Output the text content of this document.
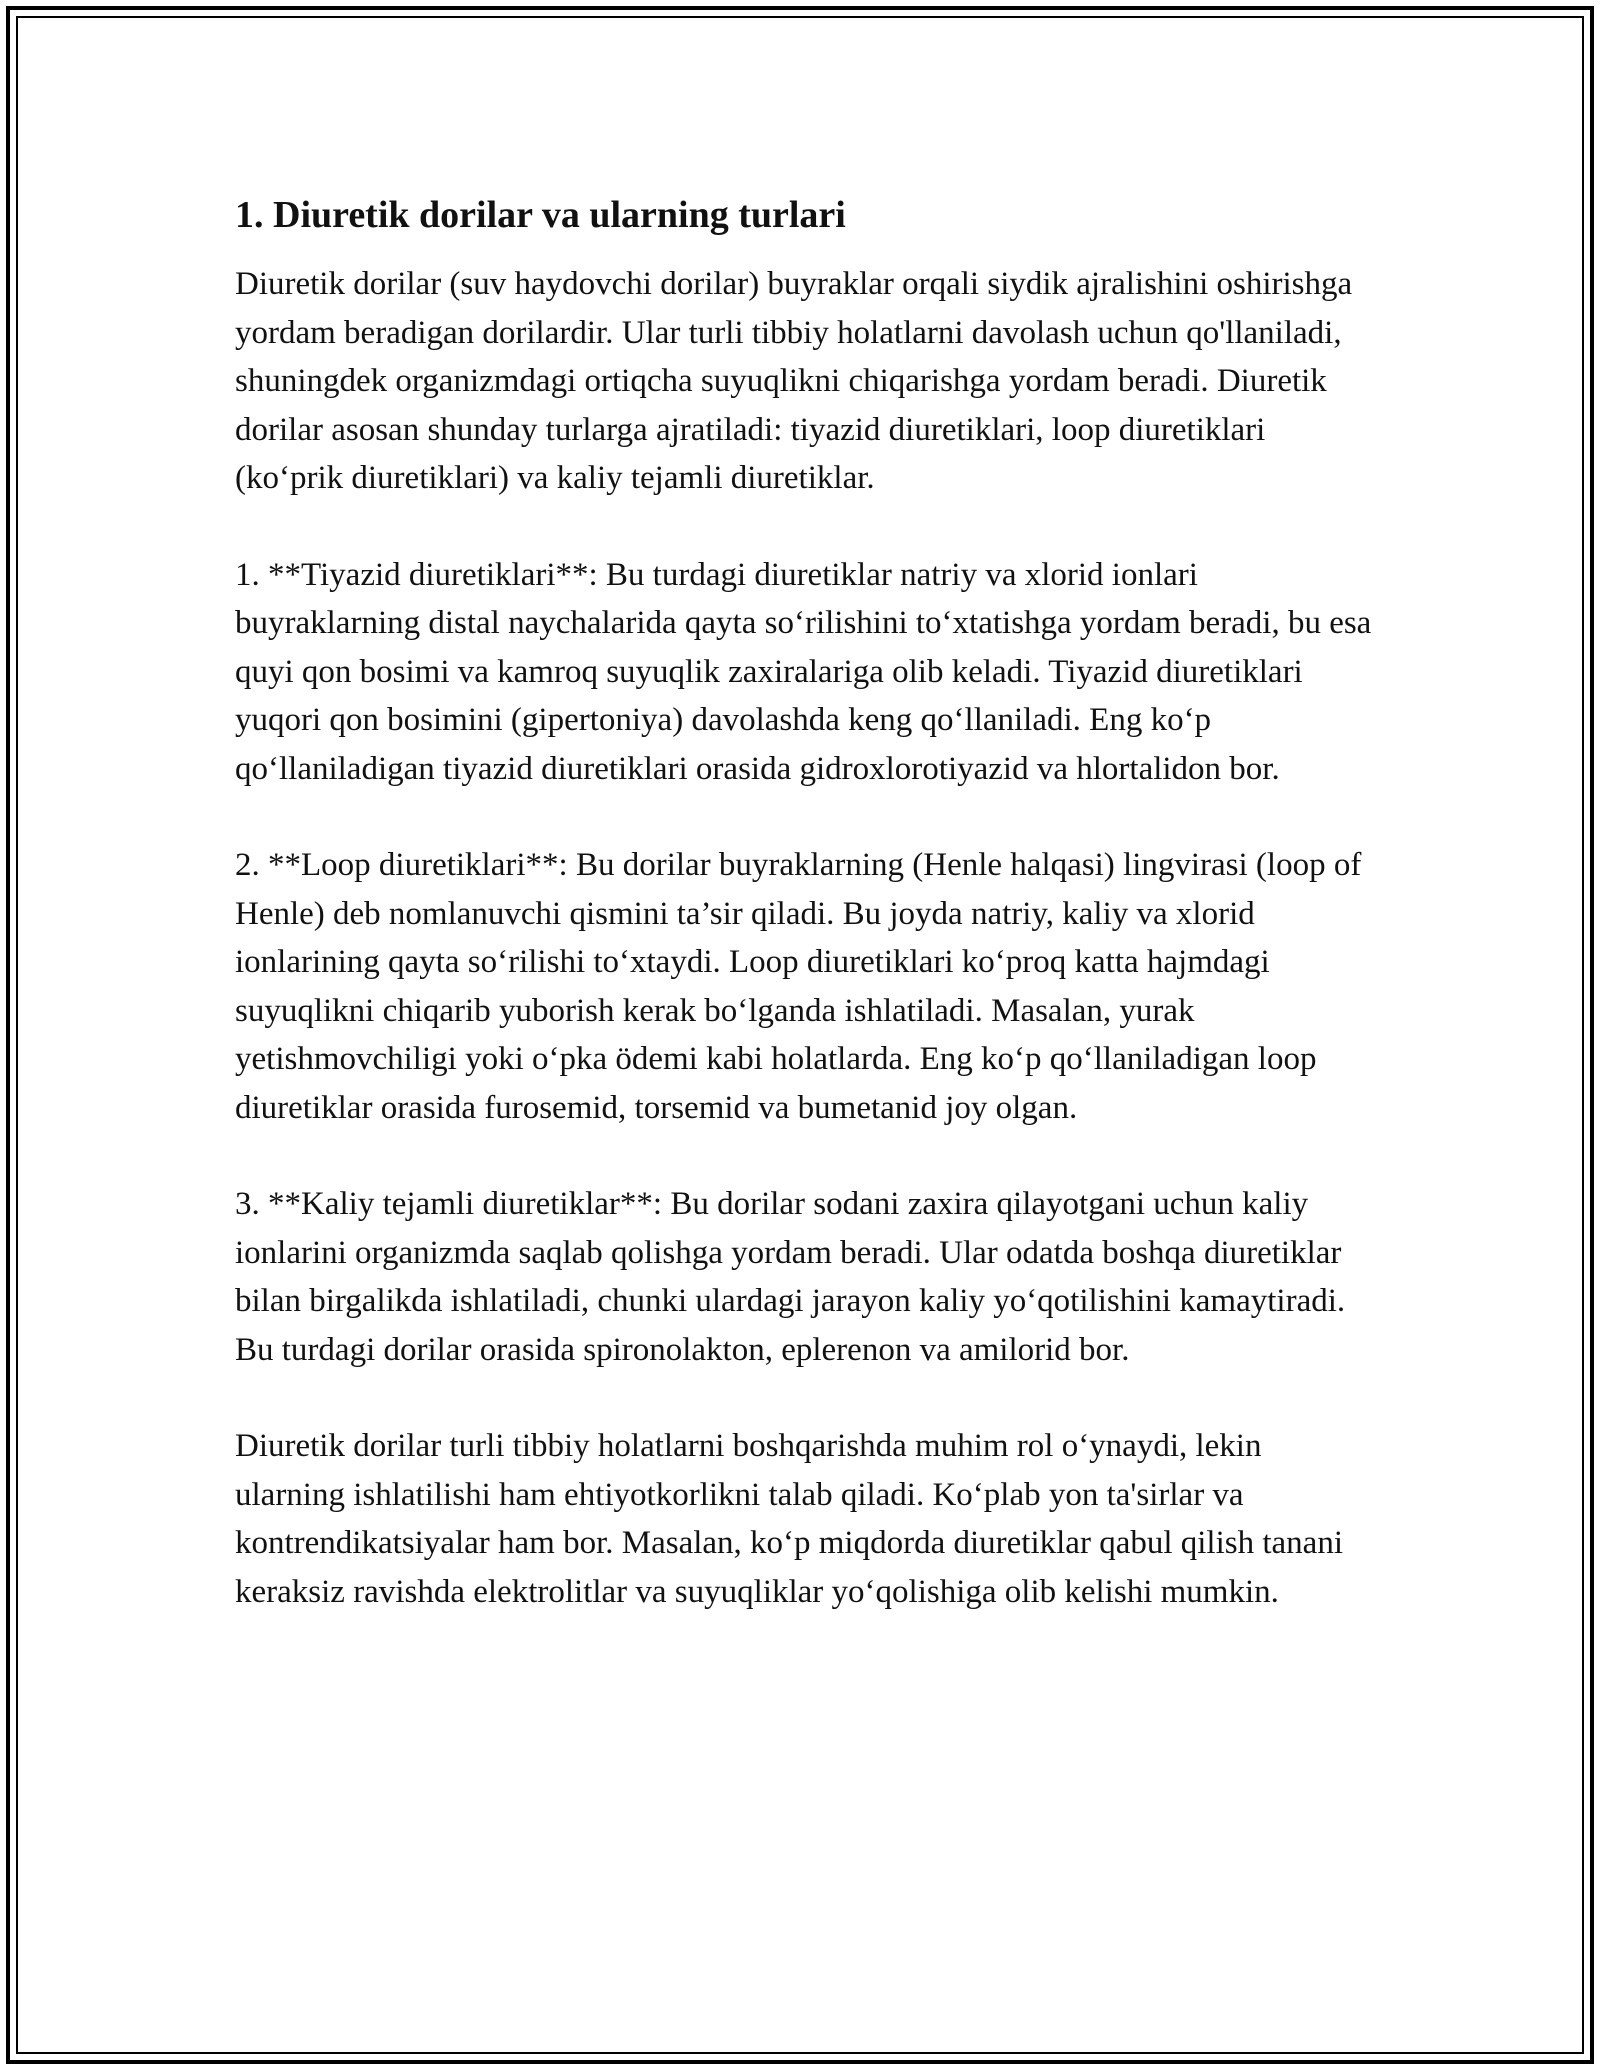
1. Diuretik dorilar va ularning turlari

Diuretik dorilar (suv haydovchi dorilar) buyraklar orqali siydik ajralishini oshirishga yordam beradigan dorilardir. Ular turli tibbiy holatlarni davolash uchun qo'llaniladi, shuningdek organizmdagi ortiqcha suyuqlikni chiqarishga yordam beradi. Diuretik dorilar asosan shunday turlarga ajratiladi: tiyazid diuretiklari, loop diuretiklari (ko‘prik diuretiklari) va kaliy tejamli diuretiklar.

1. **Tiyazid diuretiklari**: Bu turdagi diuretiklar natriy va xlorid ionlari buyraklarning distal naychalarida qayta so‘rilishini to‘xtatishga yordam beradi, bu esa quyi qon bosimi va kamroq suyuqlik zaxiralariga olib keladi. Tiyazid diuretiklari yuqori qon bosimini (gipertoniya) davolashda keng qo‘llaniladi. Eng ko‘p qo‘llaniladigan tiyazid diuretiklari orasida gidroxlorotiyazid va hlortalidon bor.

2. **Loop diuretiklari**: Bu dorilar buyraklarning (Henle halqasi) lingvirasi (loop of Henle) deb nomlanuvchi qismini ta’sir qiladi. Bu joyda natriy, kaliy va xlorid ionlarining qayta so‘rilishi to‘xtaydi. Loop diuretiklari ko‘proq katta hajmdagi suyuqlikni chiqarib yuborish kerak bo‘lganda ishlatiladi. Masalan, yurak yetishmovchiligi yoki o‘pka ödemi kabi holatlarda. Eng ko‘p qo‘llaniladigan loop diuretiklar orasida furosemid, torsemid va bumetanid joy olgan.

3. **Kaliy tejamli diuretiklar**: Bu dorilar sodani zaxira qilayotgani uchun kaliy ionlarini organizmda saqlab qolishga yordam beradi. Ular odatda boshqa diuretiklar bilan birgalikda ishlatiladi, chunki ulardagi jarayon kaliy yo‘qotilishini kamaytiradi. Bu turdagi dorilar orasida spironolakton, eplerenon va amilorid bor.

Diuretik dorilar turli tibbiy holatlarni boshqarishda muhim rol o‘ynaydi, lekin ularning ishlatilishi ham ehtiyotkorlikni talab qiladi. Ko‘plab yon ta'sirlar va kontrendikatsiyalar ham bor. Masalan, ko‘p miqdorda diuretiklar qabul qilish tanani keraksiz ravishda elektrolitlar va suyuqliklar yo‘qolishiga olib kelishi mumkin.
